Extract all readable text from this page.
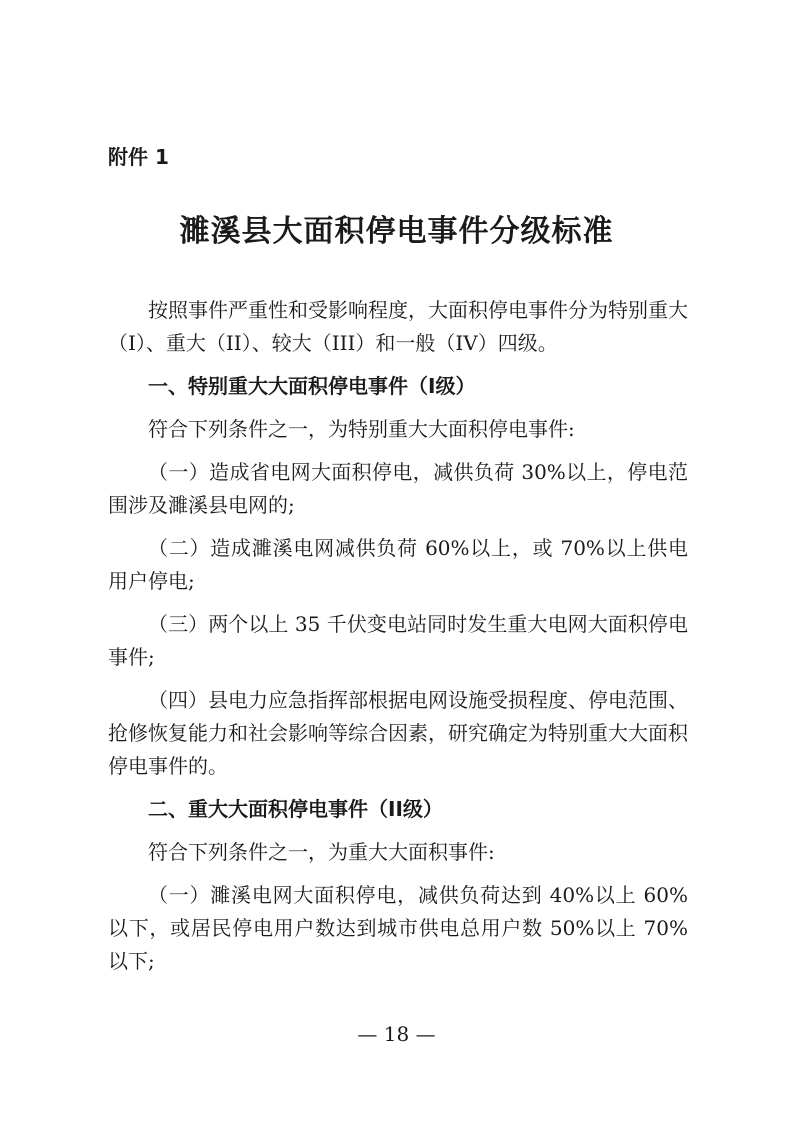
附件 1

濉溪县大面积停电事件分级标准

按照事件严重性和受影响程度，大面积停电事件分为特别重大（I）、重大（II）、较大（III）和一般（IV）四级。

一、特别重大大面积停电事件（I级）

符合下列条件之一，为特别重大大面积停电事件:

（一）造成省电网大面积停电，减供负荷 30%以上，停电范围涉及濉溪县电网的;

（二）造成濉溪电网减供负荷 60%以上，或 70%以上供电用户停电;

（三）两个以上 35 千伏变电站同时发生重大电网大面积停电事件;

（四）县电力应急指挥部根据电网设施受损程度、停电范围、抢修恢复能力和社会影响等综合因素，研究确定为特别重大大面积停电事件的。

二、重大大面积停电事件（II级）

符合下列条件之一，为重大大面积事件:

（一）濉溪电网大面积停电，减供负荷达到 40%以上 60%以下，或居民停电用户数达到城市供电总用户数 50%以上 70%以下;

— 18 —
